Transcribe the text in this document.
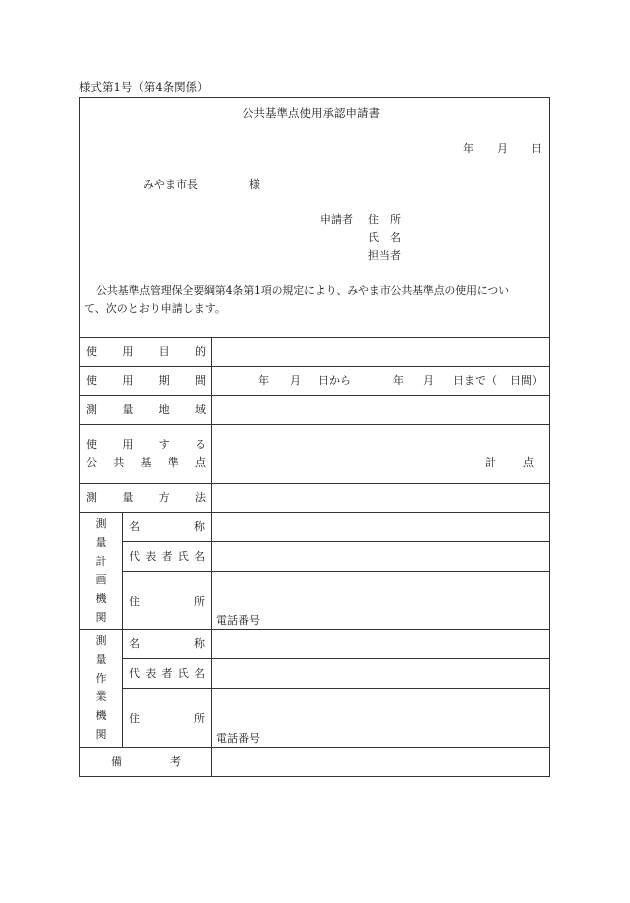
様式第1号（第4条関係）
公共基準点使用承認申請書
年 月 日
みやま市長	様
申請者 住　所
氏　名
担当者
公共基準点管理保全要綱第4条第1項の規定により、みやま市公共基準点の使用につい
て、次のとおり申請します。
使 用 目 的
使 用 期 間	年 月 日から	年 月 日まで（ 日間）
測 量 地 域
使 用 す る
公 共 基 準 点	計 点
測 量 方 法
測
量
計
画
機
関
名	称
代 表 者 氏 名
住	所
電話番号
測
量
作
業
機
関
名	称
代 表 者 氏 名
住	所
電話番号
備	考
